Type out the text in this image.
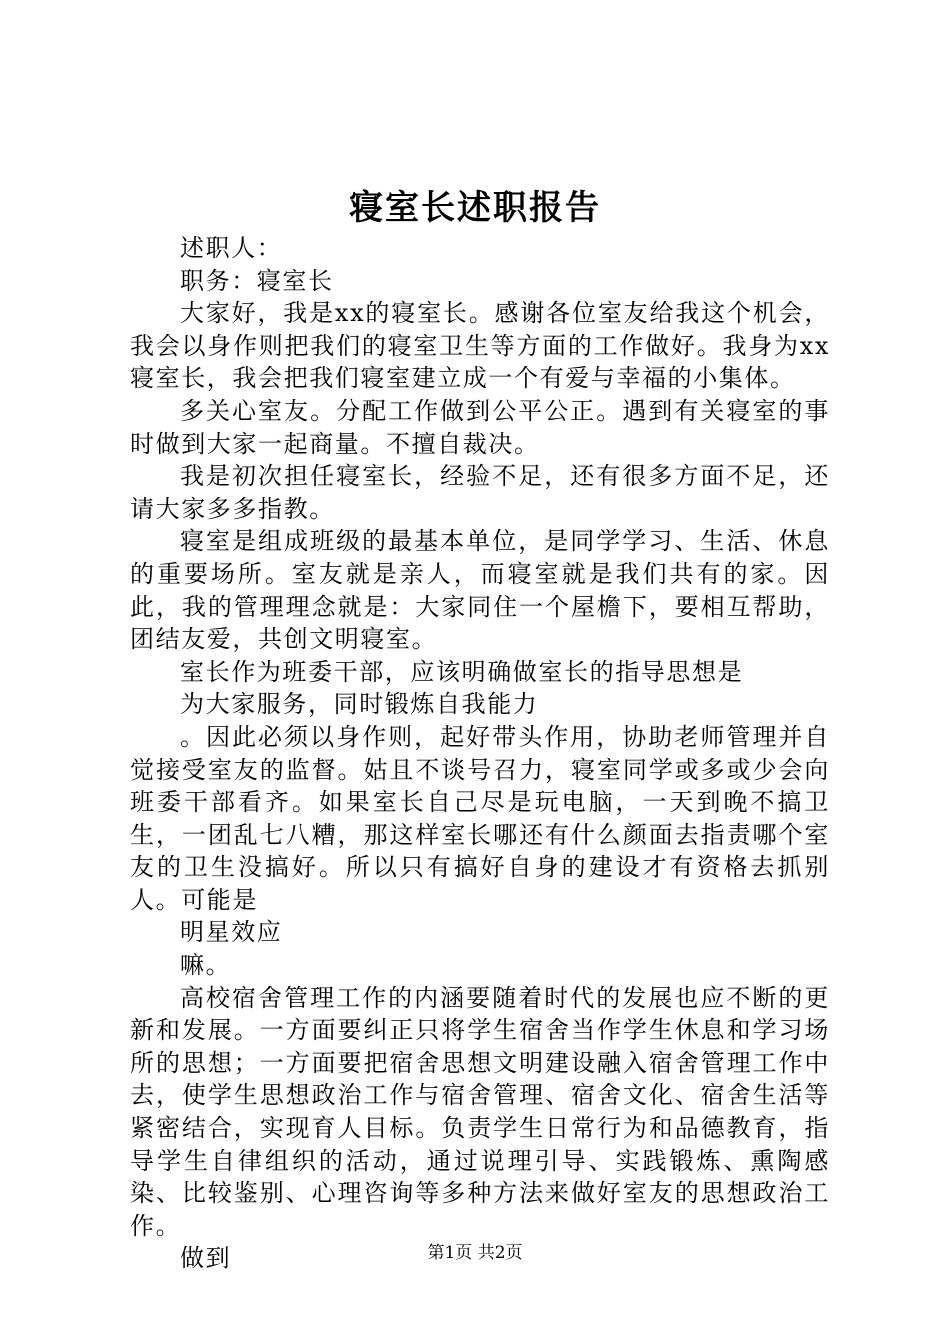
寝室长述职报告

述职人：

职务：寝室长

大家好，我是xx的寝室长。感谢各位室友给我这个机会，我会以身作则把我们的寝室卫生等方面的工作做好。我身为xx寝室长，我会把我们寝室建立成一个有爱与幸福的小集体。

多关心室友。分配工作做到公平公正。遇到有关寝室的事时做到大家一起商量。不擅自裁决。

我是初次担任寝室长，经验不足，还有很多方面不足，还请大家多多指教。

寝室是组成班级的最基本单位，是同学学习、生活、休息的重要场所。室友就是亲人，而寝室就是我们共有的家。因此，我的管理理念就是：大家同住一个屋檐下，要相互帮助，团结友爱，共创文明寝室。

室长作为班委干部，应该明确做室长的指导思想是

为大家服务，同时锻炼自我能力

。因此必须以身作则，起好带头作用，协助老师管理并自觉接受室友的监督。姑且不谈号召力，寝室同学或多或少会向班委干部看齐。如果室长自己尽是玩电脑，一天到晚不搞卫生，一团乱七八糟，那这样室长哪还有什么颜面去指责哪个室友的卫生没搞好。所以只有搞好自身的建设才有资格去抓别人。可能是

明星效应

嘛。

高校宿舍管理工作的内涵要随着时代的发展也应不断的更新和发展。一方面要纠正只将学生宿舍当作学生休息和学习场所的思想；一方面要把宿舍思想文明建设融入宿舍管理工作中去，使学生思想政治工作与宿舍管理、宿舍文化、宿舍生活等紧密结合，实现育人目标。负责学生日常行为和品德教育，指导学生自律组织的活动，通过说理引导、实践锻炼、熏陶感染、比较鉴别、心理咨询等多种方法来做好室友的思想政治工作。

做到	第1页 共2页
